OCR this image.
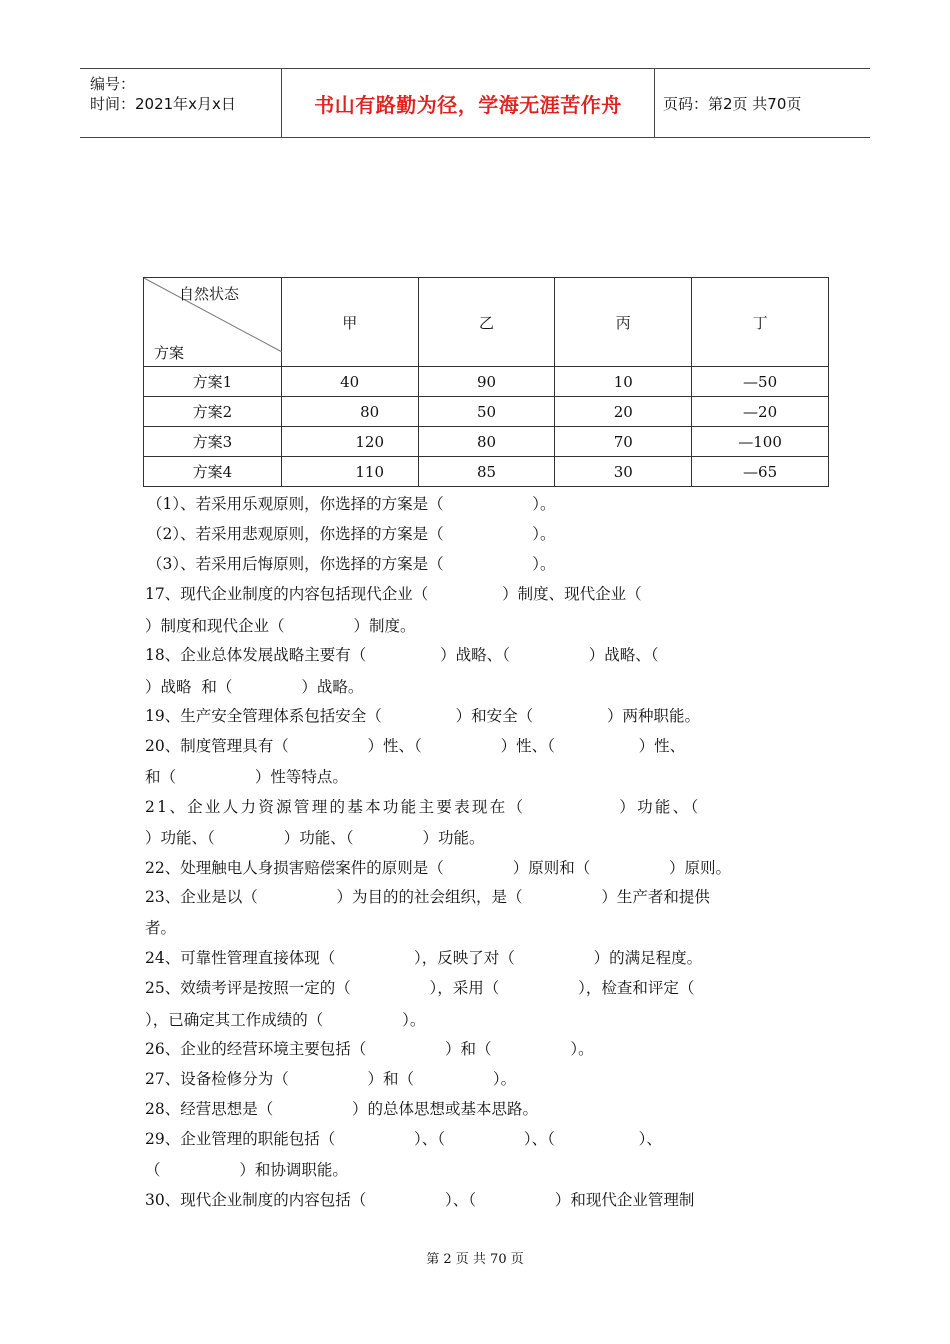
编号：
时间：2021年x月x日	书山有路勤为径，学海无涯苦作舟	页码：第2页 共70页
自然状态
方案	甲	乙	丙	丁
方案1	40	90	10	—50
方案2	80	50	20	—20
方案3	120	80	70	—100
方案4	110	85	30	—65
（1）、若采用乐观原则，你选择的方案是（                  ）。
（2）、若采用悲观原则，你选择的方案是（                  ）。
（3）、若采用后悔原则，你选择的方案是（                  ）。
17、现代企业制度的内容包括现代企业（               ）制度、现代企业（
）制度和现代企业（              ）制度。
18、企业总体发展战略主要有（               ）战略、（                ）战略、（
）战略  和（              ）战略。
19、生产安全管理体系包括安全（               ）和安全（               ）两种职能。
20、制度管理具有（                ）性、（                ）性、（                 ）性、
和（                ）性等特点。
21、企业人力资源管理的基本功能主要表现在（             ）功能、（
）功能、（              ）功能、（              ）功能。
22、处理触电人身损害赔偿案件的原则是（              ）原则和（                ）原则。
23、企业是以（                ）为目的的社会组织，是（                ）生产者和提供
者。
24、可靠性管理直接体现（                ），反映了对（                ）的满足程度。
25、效绩考评是按照一定的（                ），采用（                ），检查和评定（
），已确定其工作成绩的（                ）。
26、企业的经营环境主要包括（                ）和（                ）。
27、设备检修分为（                ）和（                ）。
28、经营思想是（                ）的总体思想或基本思路。
29、企业管理的职能包括（                ）、（                ）、（                 ）、
（                ）和协调职能。
30、现代企业制度的内容包括（                ）、（                ）和现代企业管理制
第 2 页 共 70 页
